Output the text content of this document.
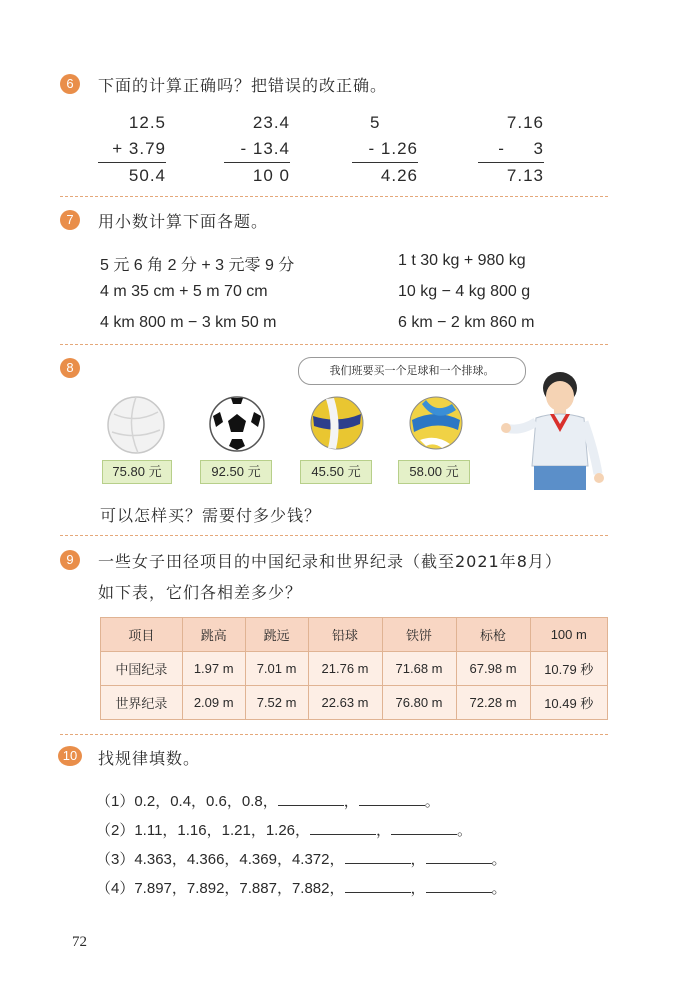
6	下面的计算正确吗？把错误的改正确。
12.5
+ 3.79
50.4
23.4
- 13.4
10 0
5
- 1.26
4.26
7.16
-     3
7.13
7	用小数计算下面各题。
5 元 6 角 2 分 + 3 元零 9 分
4 m 35 cm + 5 m 70 cm
4 km 800 m − 3 km 50 m
1 t 30 kg + 980 kg
10 kg − 4 kg 800 g
6 km − 2 km 860 m
8	我们班要买一个足球和一个排球。
75.80 元	92.50 元	45.50 元	58.00 元
可以怎样买？需要付多少钱？
9	一些女子田径项目的中国纪录和世界纪录（截至2021年8月）
如下表，它们各相差多少？
项目	跳高	跳远	铅球	铁饼	标枪	100 m
中国纪录	1.97 m	7.01 m	21.76 m	71.68 m	67.98 m	10.79 秒
世界纪录	2.09 m	7.52 m	22.63 m	76.80 m	72.28 m	10.49 秒
10 找规律填数。
（1）0.2，0.4，0.6，0.8，	，	。
（2）1.11，1.16，1.21，1.26，	，	。
（3）4.363，4.366，4.369，4.372，	，	。
（4）7.897，7.892，7.887，7.882，	，	。
72
